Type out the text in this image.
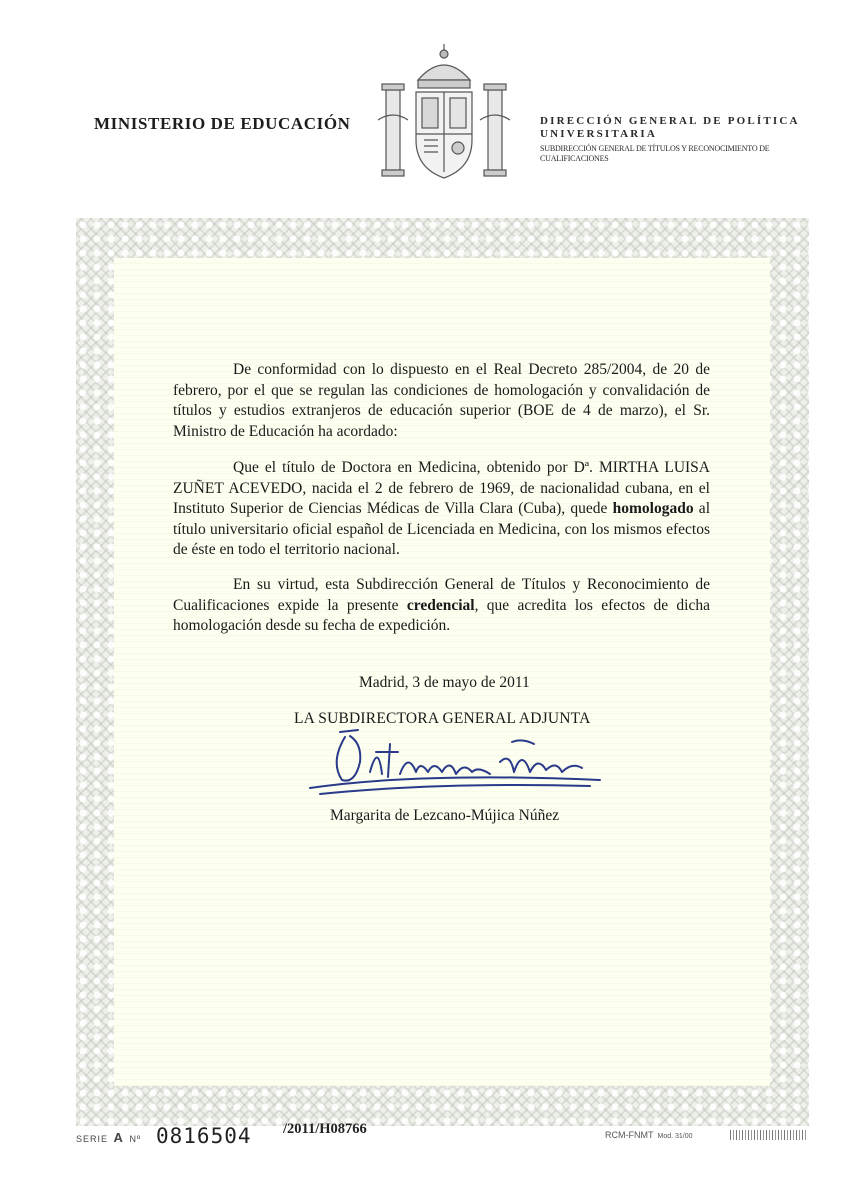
MINISTERIO DE EDUCACIÓN	DIRECCIÓN GENERAL DE POLÍTICA
UNIVERSITARIA
SUBDIRECCIÓN GENERAL DE TÍTULOS Y RECONOCIMIENTO DE CUALIFICACIONES
De conformidad con lo dispuesto en el Real Decreto 285/2004, de 20 de febrero, por el que se regulan las condiciones de homologación y convalidación de títulos y estudios extranjeros de educación superior (BOE de 4 de marzo), el Sr. Ministro de Educación ha acordado:
Que el título de Doctora en Medicina, obtenido por Dª. MIRTHA LUISA ZUÑET ACEVEDO, nacida el 2 de febrero de 1969, de nacionalidad cubana, en el Instituto Superior de Ciencias Médicas de Villa Clara (Cuba), quede homologado al título universitario oficial español de Licenciada en Medicina, con los mismos efectos de éste en todo el territorio nacional.
En su virtud, esta Subdirección General de Títulos y Reconocimiento de Cualificaciones expide la presente credencial, que acredita los efectos de dicha homologación desde su fecha de expedición.
Madrid, 3 de mayo de 2011
LA SUBDIRECTORA GENERAL ADJUNTA
Margarita de Lezcano-Mújica Núñez
SERIE A Nº 0816504 /2011/H08766	RCM-FNMT Mod. 31/00
